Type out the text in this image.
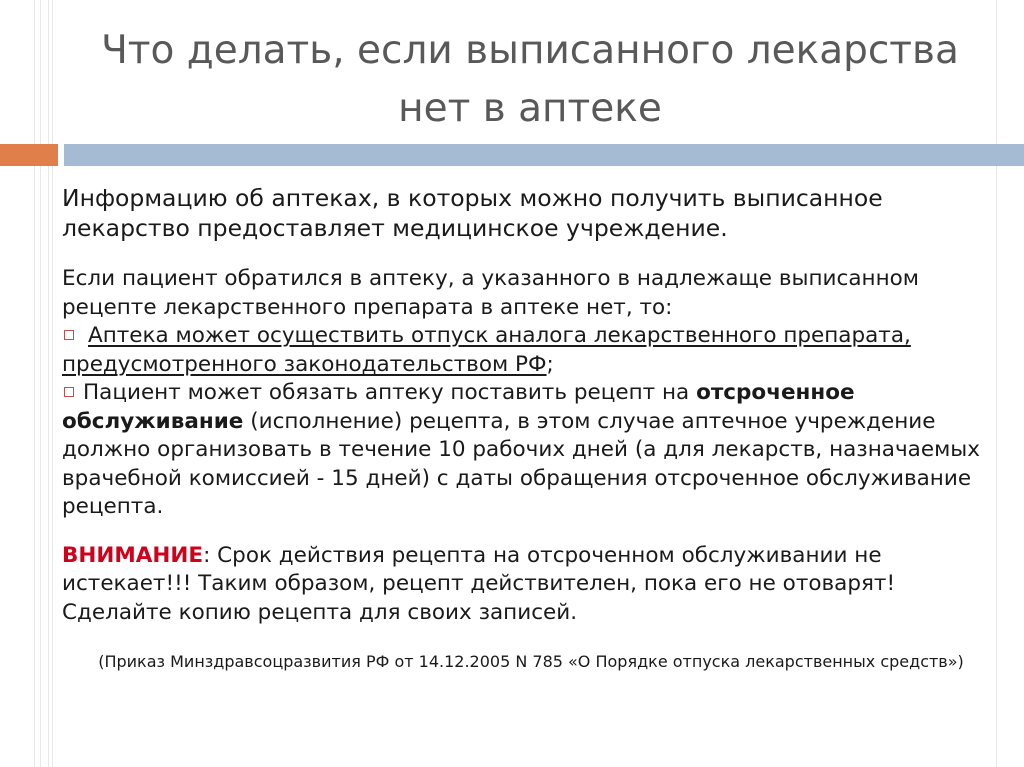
Что делать, если выписанного лекарства
нет в аптеке

Информацию об аптеках, в которых можно получить выписанное лекарство предоставляет медицинское учреждение.

Если пациент обратился в аптеку, а указанного в надлежаще выписанном рецепте лекарственного препарата в аптеке нет, то:
Аптека может осуществить отпуск аналога лекарственного препарата, предусмотренного законодательством РФ;
Пациент может обязать аптеку поставить рецепт на отсроченное обслуживание (исполнение) рецепта, в этом случае аптечное учреждение должно организовать в течение 10 рабочих дней (а для лекарств, назначаемых врачебной комиссией - 15 дней) с даты обращения отсроченное обслуживание рецепта.

ВНИМАНИЕ: Срок действия рецепта на отсроченном обслуживании не истекает!!! Таким образом, рецепт действителен, пока его не отоварят! Сделайте копию рецепта для своих записей.

(Приказ Минздравсоцразвития РФ от 14.12.2005 N 785 «О Порядке отпуска лекарственных средств»)
